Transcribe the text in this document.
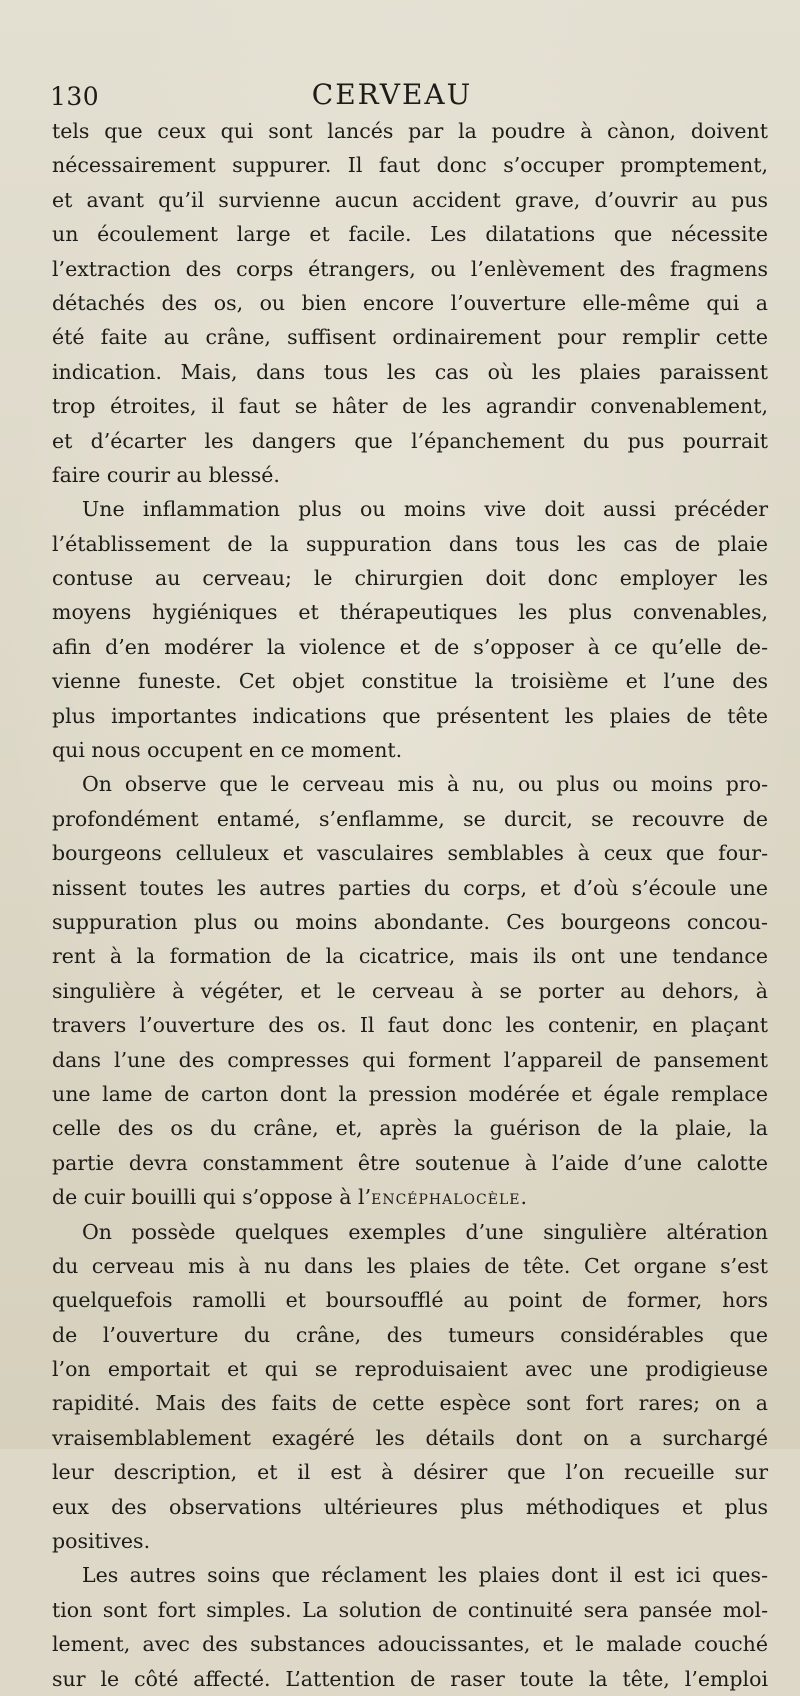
130	CERVEAU
tels que ceux qui sont lancés par la poudre à cànon, doivent
nécessairement suppurer. Il faut donc s’occuper promptement,
et avant qu’il survienne aucun accident grave, d’ouvrir au pus
un écoulement large et facile. Les dilatations que nécessite
l’extraction des corps étrangers, ou l’enlèvement des fragmens
détachés des os, ou bien encore l’ouverture elle-même qui a
été faite au crâne, suffisent ordinairement pour remplir cette
indication. Mais, dans tous les cas où les plaies paraissent
trop étroites, il faut se hâter de les agrandir convenablement,
et d’écarter les dangers que l’épanchement du pus pourrait
faire courir au blessé.
Une inflammation plus ou moins vive doit aussi précéder
l’établissement de la suppuration dans tous les cas de plaie
contuse au cerveau; le chirurgien doit donc employer les
moyens hygiéniques et thérapeutiques les plus convenables,
afin d’en modérer la violence et de s’opposer à ce qu’elle de-
vienne funeste. Cet objet constitue la troisième et l’une des
plus importantes indications que présentent les plaies de tête
qui nous occupent en ce moment.
On observe que le cerveau mis à nu, ou plus ou moins pro-
profondément entamé, s’enflamme, se durcit, se recouvre de
bourgeons celluleux et vasculaires semblables à ceux que four-
nissent toutes les autres parties du corps, et d’où s’écoule une
suppuration plus ou moins abondante. Ces bourgeons concou-
rent à la formation de la cicatrice, mais ils ont une tendance
singulière à végéter, et le cerveau à se porter au dehors, à
travers l’ouverture des os. Il faut donc les contenir, en plaçant
dans l’une des compresses qui forment l’appareil de pansement
une lame de carton dont la pression modérée et égale remplace
celle des os du crâne, et, après la guérison de la plaie, la
partie devra constamment être soutenue à l’aide d’une calotte
de cuir bouilli qui s’oppose à l’encéphalocèle.
On possède quelques exemples d’une singulière altération
du cerveau mis à nu dans les plaies de tête. Cet organe s’est
quelquefois ramolli et boursoufflé au point de former, hors
de l’ouverture du crâne, des tumeurs considérables que
l’on emportait et qui se reproduisaient avec une prodigieuse
rapidité. Mais des faits de cette espèce sont fort rares; on a
vraisemblablement exagéré les détails dont on a surchargé
leur description, et il est à désirer que l’on recueille sur
eux des observations ultérieures plus méthodiques et plus
positives.
Les autres soins que réclament les plaies dont il est ici ques-
tion sont fort simples. La solution de continuité sera pansée mol-
lement, avec des substances adoucissantes, et le malade couché
sur le côté affecté. L’attention de raser toute la tête, l’emploi
